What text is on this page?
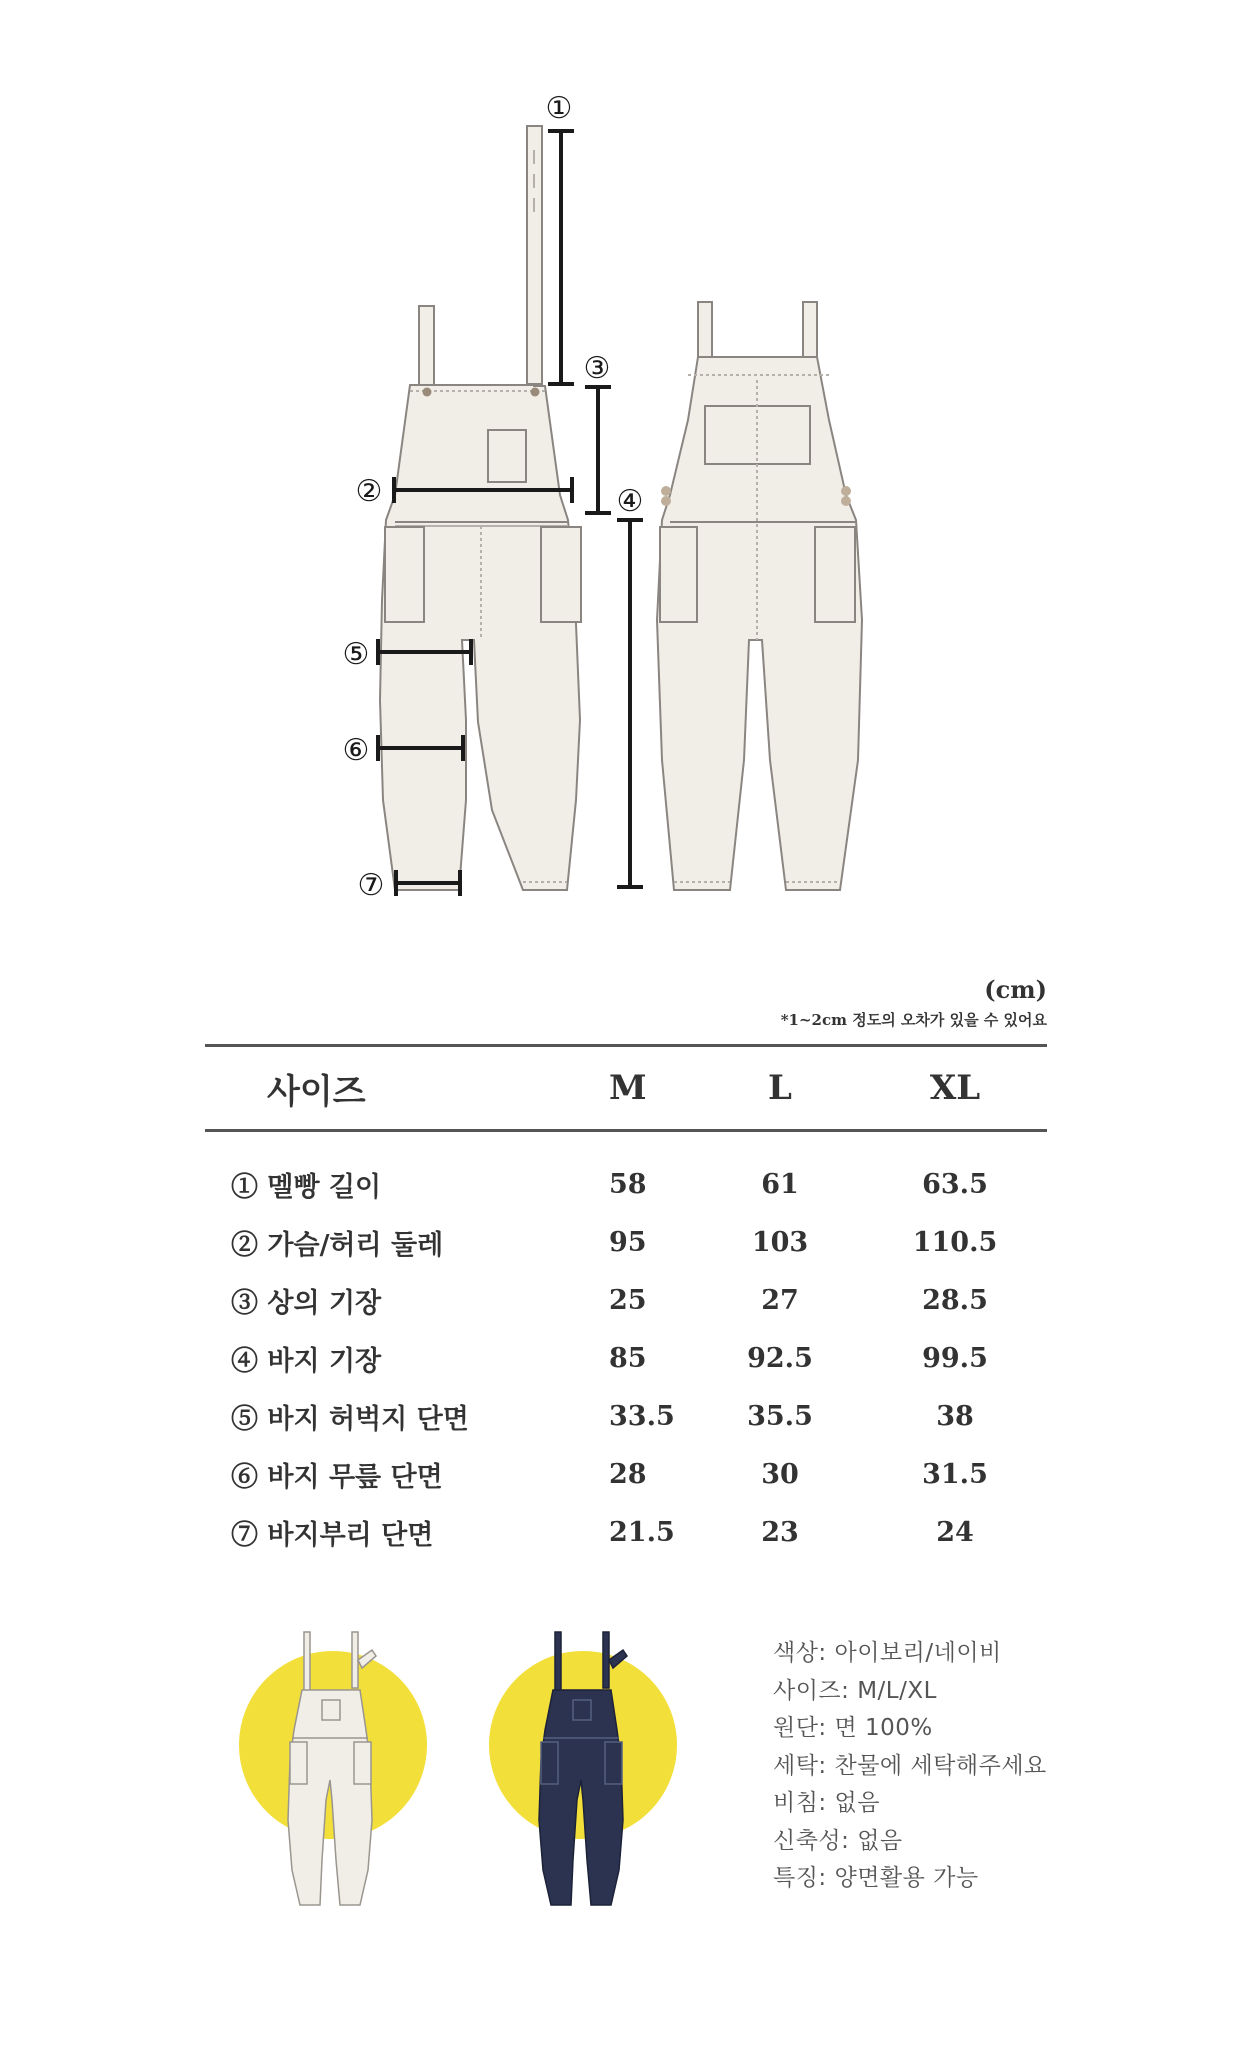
①
②
③
④
⑤
⑥
⑦
(cm)
*1~2cm 정도의 오차가 있을 수 있어요
사이즈	M	L	XL
① 멜빵 길이	58	61	63.5
② 가슴/허리 둘레	95	103	110.5
③ 상의 기장	25	27	28.5
④ 바지 기장	85	92.5	99.5
⑤ 바지 허벅지 단면	33.5	35.5	38
⑥ 바지 무릎 단면	28	30	31.5
⑦ 바지부리 단면	21.5	23	24
색상: 아이보리/네이비
사이즈: M/L/XL
원단: 면 100%
세탁: 찬물에 세탁해주세요
비침: 없음
신축성: 없음
특징: 양면활용 가능
